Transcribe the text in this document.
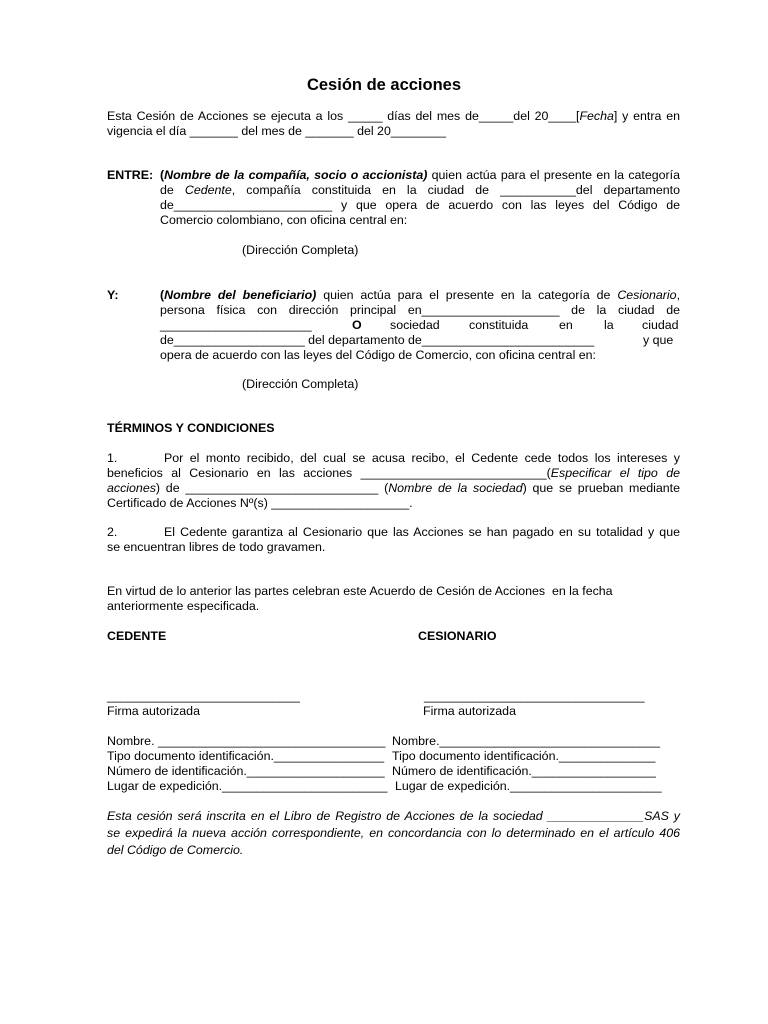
Cesión de acciones
Esta Cesión de Acciones se ejecuta a los _____ días del mes de_____del 20____[Fecha] y entra en
vigencia el día _______ del mes de _______ del 20________
ENTRE: (Nombre de la compañía, socio o accionista) quien actúa para el presente en la categoría
de Cedente, compañía constituida en la ciudad de ___________del departamento
de_______________________ y que opera de acuerdo con las leyes del Código de
Comercio colombiano, con oficina central en:
(Dirección Completa)
Y:	(Nombre del beneficiario) quien actúa para el presente en la categoría de Cesionario,
persona física con dirección principal en____________________ de la ciudad de
______________________	O sociedad constituida en	la ciudad
de___________________ del departamento de_________________________	y que
opera de acuerdo con las leyes del Código de Comercio, con oficina central en:
(Dirección Completa)
TÉRMINOS Y CONDICIONES
1.	Por el monto recibido, del cual se acusa recibo, el Cedente cede todos los intereses y
beneficios al Cesionario en las acciones ___________________________(Especificar el tipo de
acciones) de ____________________________ (Nombre de la sociedad) que se prueban mediante
Certificado de Acciones Nº(s) ____________________.
2.	El Cedente garantiza al Cesionario que las Acciones se han pagado en su totalidad y que
se encuentran libres de todo gravamen.
En virtud de lo anterior las partes celebran este Acuerdo de Cesión de Acciones  en la fecha
anteriormente especificada.
CEDENTE	CESIONARIO
____________________________	________________________________
Firma autorizada	Firma autorizada
Nombre. _________________________________ Nombre.________________________________
Tipo documento identificación.________________ Tipo documento identificación.______________
Número de identificación.____________________ Número de identificación.__________________
Lugar de expedición.________________________ Lugar de expedición.______________________
Esta cesión será inscrita en el Libro de Registro de Acciones de la sociedad ______________SAS y
se expedirá la nueva acción correspondiente, en concordancia con lo determinado en el artículo 406
del Código de Comercio.
